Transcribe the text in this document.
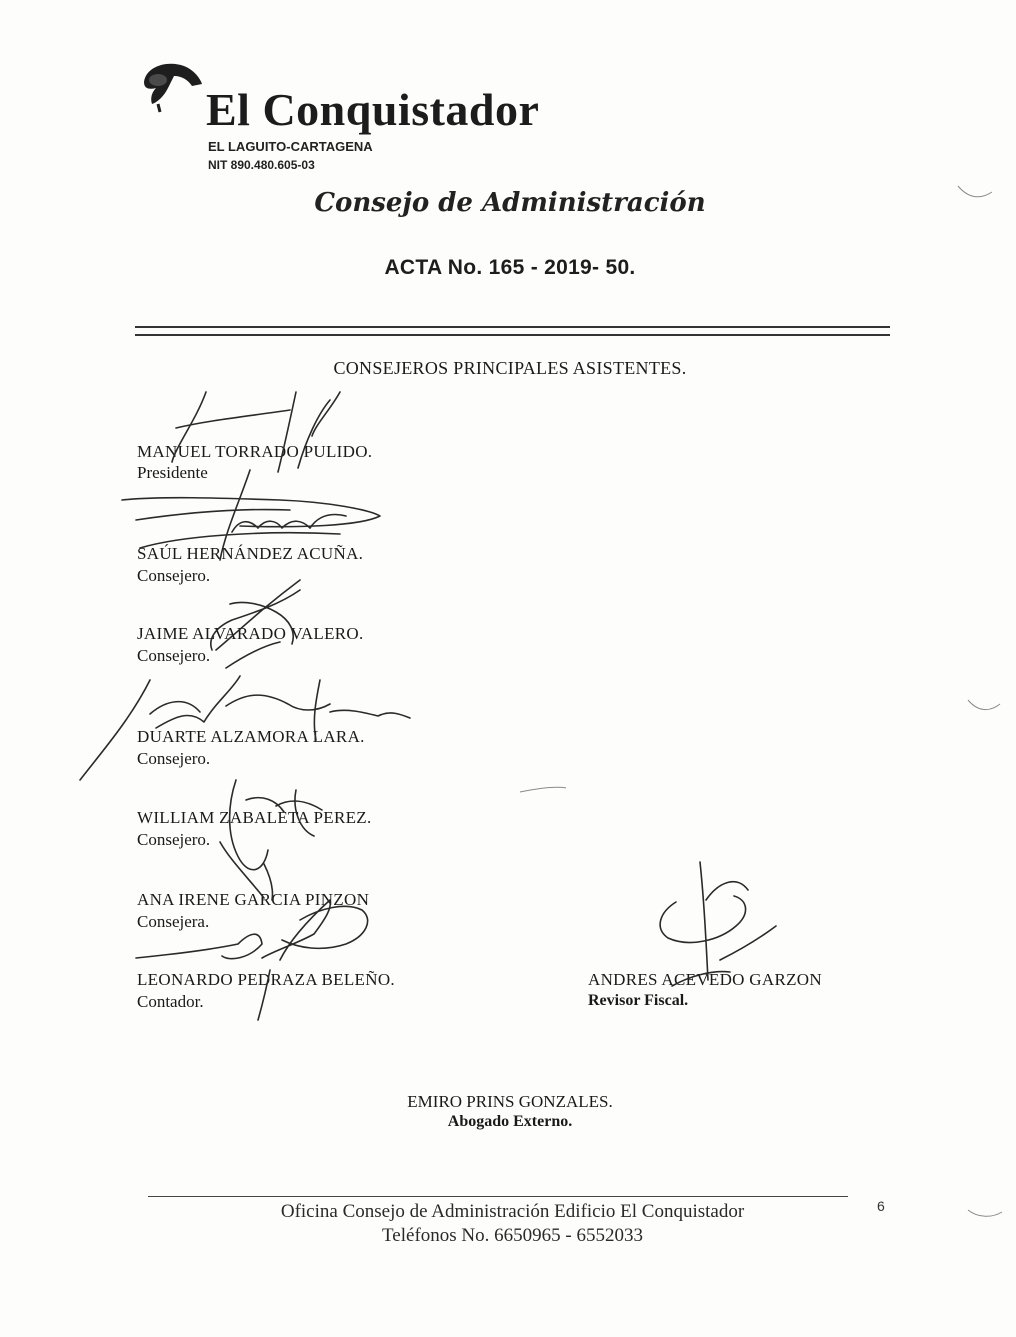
El Conquistador
EL LAGUITO-CARTAGENA
NIT 890.480.605-03
Consejo de Administración
ACTA No. 165 - 2019- 50.
CONSEJEROS PRINCIPALES ASISTENTES.
MANUEL TORRADO PULIDO.
Presidente
SAÚL HERNÁNDEZ ACUÑA.
Consejero.
JAIME ALVARADO VALERO.
Consejero.
DUARTE ALZAMORA LARA.
Consejero.
WILLIAM ZABALETA PEREZ.
Consejero.
ANA IRENE GARCIA PINZON
Consejera.
LEONARDO PEDRAZA BELEÑO.
Contador.
ANDRES ACEVEDO GARZON
Revisor Fiscal.
EMIRO PRINS GONZALES.
Abogado Externo.
Oficina Consejo de Administración Edificio El Conquistador
Teléfonos No. 6650965 - 6552033
6
